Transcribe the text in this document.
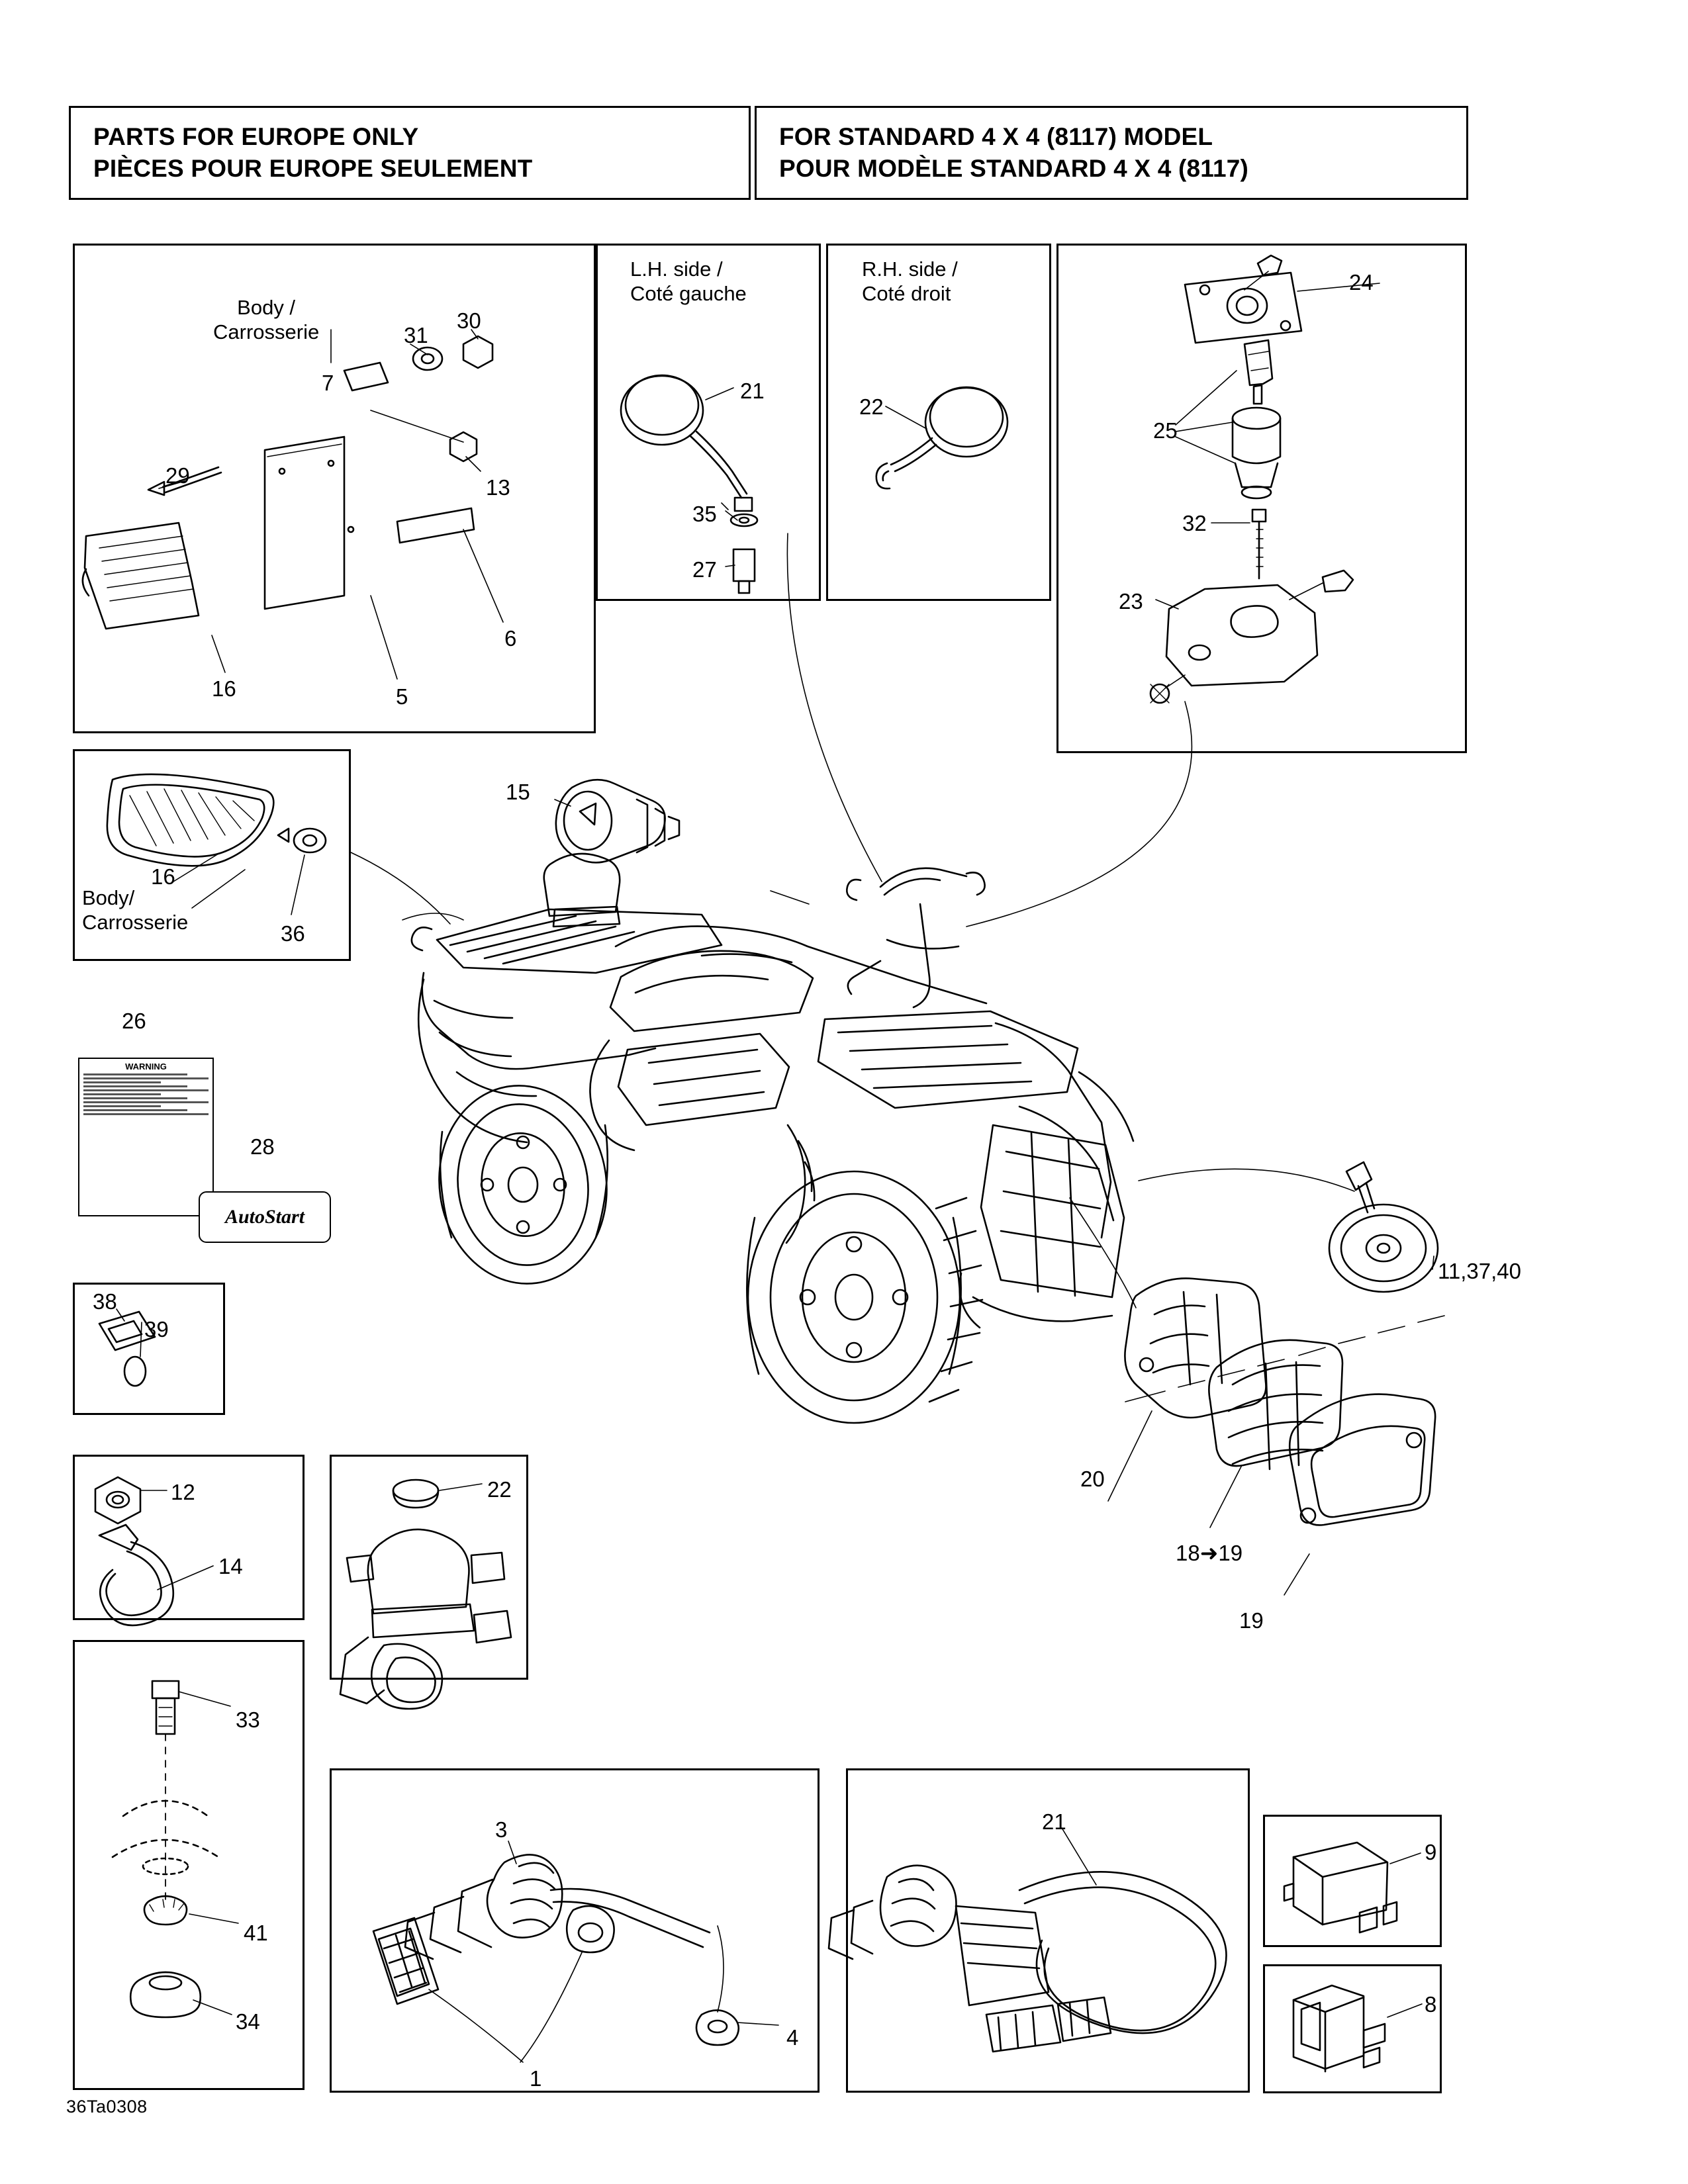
PARTS FOR EUROPE ONLY
PIÈCES POUR EUROPE SEULEMENT
FOR STANDARD 4 X 4 (8117) MODEL
POUR MODÈLE STANDARD 4 X 4 (8117)
L.H. side /
Coté gauche
R.H. side /
Coté droit
Body /
Carrosserie
Body/
Carrosserie
WARNING
AutoStart
7
31
30
13
29
16	5
6
21
35
27
22
24
25
32
23
15
16
36
26
28
38
39
12
14
22
33
41
34
3
1
4
21
9
8
11,37,40
20
18➜19
19
36Ta0308
